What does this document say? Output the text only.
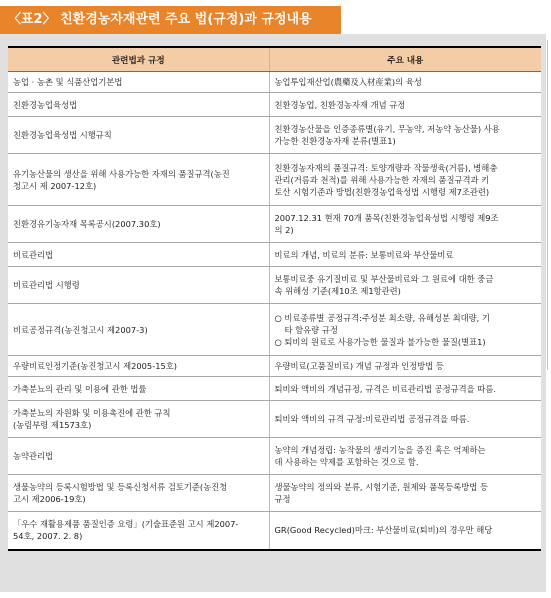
〈표2〉 친환경농자재관련 주요 법(규정)과 규정내용
관련법과 규정	주요 내용

농업 · 농촌 및 식품산업기본법	농업투입재산업(農藥及入材産業)의 육성

친환경농업육성법	친환경농업, 친환경농자재 개념 규정

친환경농업육성법 시행규칙	친환경농산물을 인증종류별(유기, 무농약, 저농약 농산물) 사용
가능한 친환경농자재 분류(별표1)

유기농산물의 생산을 위해 사용가능한 자재의 품질규격(농진
청고시 제 2007-12호)	친환경농자재의 품질규격: 토양개량과 작물생육(거름), 병해충
관리(거름과 천적)를 위해 사용가능한 자재의 품질규격과 키
토산 시험기준과 방법(친환경농업육성법 시행령 제7조관련)

친환경유기농자재 목록공시(2007.30호)	2007.12.31 현재 70개 품목(친환경농업육성법 시행령 제9조
의 2)

비료관리법	비료의 개념, 비료의 분류: 보통비료와 부산물비료

비료관리법 시행령	보통비료중 유기질비료 및 부산물비료와 그 원료에 대한 중금
속 위해성 기준(제10조 제1항관련)

비료공정규격(농진청고시 제2007-3)	○ 비료종류별 공정규격:주성분 최소량, 유해성분 최대량, 기
타 함유량 규정
○ 퇴비의 원료로 사용가능한 물질과 불가능한 물질(별표1)

우량비료인정기준(농진청고시 제2005-15호)	우량비료(고품질비료) 개념 규정과 인정방법 등

가축분뇨의 관리 및 이용에 관한 법률	퇴비와 액비의 개념규정, 규격은 비료관리법 공정규격을 따름.

가축분뇨의 자원화 및 이용촉진에 관한 규칙
(농림부령 제1573호)	퇴비와 액비의 규격 규정:비료관리법 공정규격을 따름.

농약관리법	농약의 개념정립: 농작물의 생리기능을 증진 혹은 억제하는
데 사용하는 약제를 포함하는 것으로 함.

생물농약의 등록시험방법 및 등록신청서류 검토기준(농진청
고시 제2006-19호)	생물농약의 정의와 분류, 시험기준, 원제와 품목등록방법 등
규정

「우수 재활용제품 품질인증 요령」(기술표준원 고시 제2007-
54호, 2007. 2. 8)	GR(Good Recycled)마크: 부산물비료(퇴비)의 경우만 해당
